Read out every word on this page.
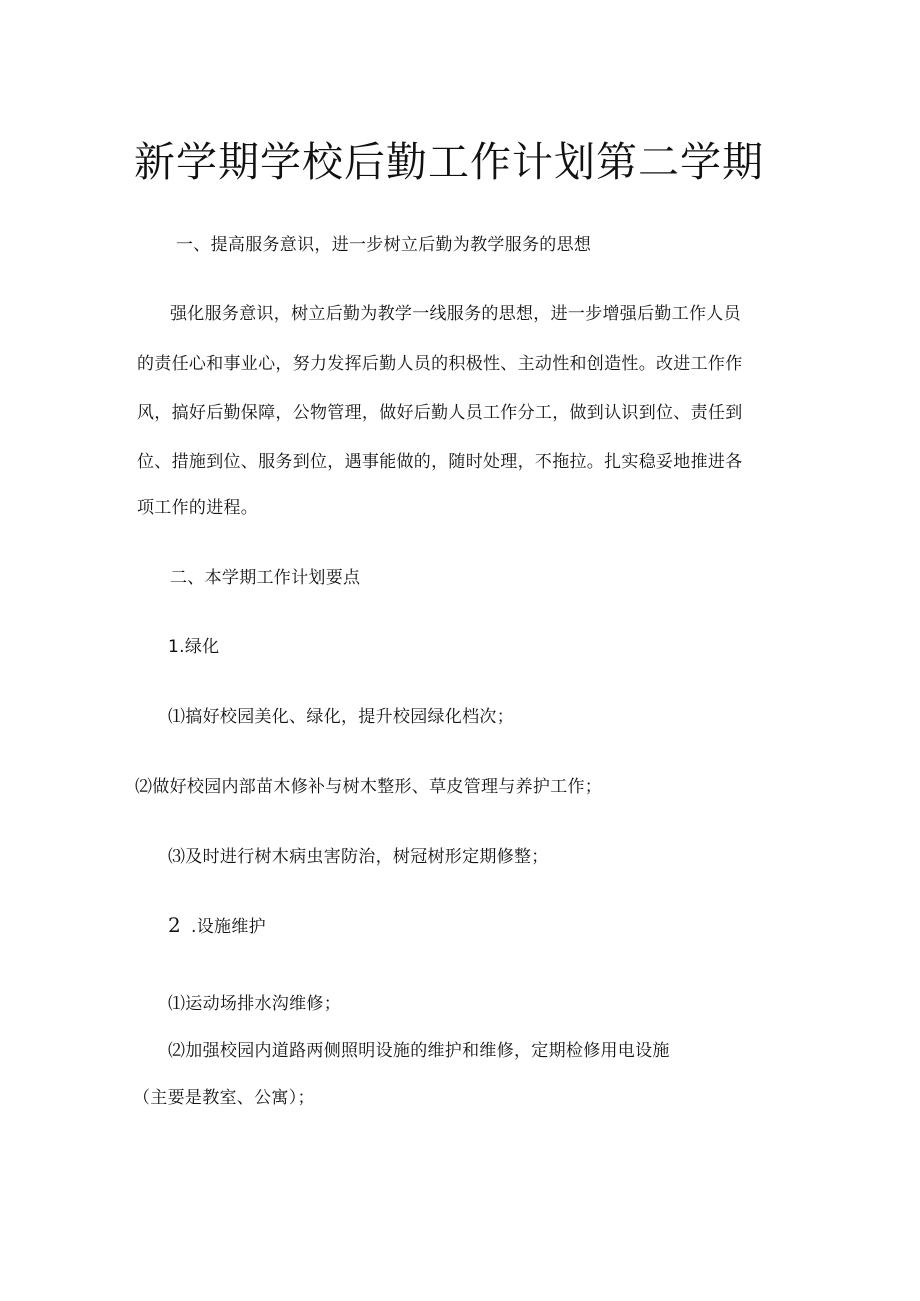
新学期学校后勤工作计划第二学期
一、提高服务意识，进一步树立后勤为教学服务的思想
强化服务意识，树立后勤为教学一线服务的思想，进一步增强后勤工作人员
的责任心和事业心，努力发挥后勤人员的积极性、主动性和创造性。改进工作作
风，搞好后勤保障，公物管理，做好后勤人员工作分工，做到认识到位、责任到
位、措施到位、服务到位，遇事能做的，随时处理，不拖拉。扎实稳妥地推进各
项工作的进程。
二、本学期工作计划要点
1.绿化
⑴搞好校园美化、绿化，提升校园绿化档次；
⑵做好校园内部苗木修补与树木整形、草皮管理与养护工作；
⑶及时进行树木病虫害防治，树冠树形定期修整；
2 .设施维护
⑴运动场排水沟维修；
⑵加强校园内道路两侧照明设施的维护和维修，定期检修用电设施
（主要是教室、公寓）；
